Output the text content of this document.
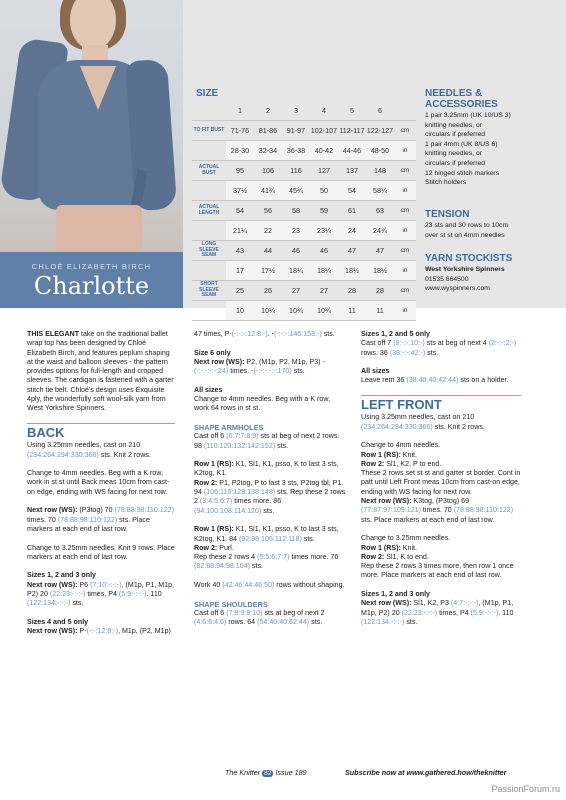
CHLOÉ ELIZABETH BIRCH
Charlotte
SIZE
	1	2	3	4	5	6	
TO FIT BUST	71-76	81-86	91-97	102-107	112-117	122-127	cm
	28-30	32-34	36-38	40-42	44-46	48-50	in
ACTUAL BUST	95	106	116	127	137	148	cm
	37½	41¾	45¾	50	54	58¼	in
ACTUAL LENGTH	54	56	58	59	61	63	cm
	21¼	22	23	23¼	24	24¾	in
LONG SLEEVE SEAM	43	44	46	46	47	47	cm
	17	17½	18¼	18¼	18½	18½	in
SHORT SLEEVE SEAM	25	26	27	27	28	28	cm
	10	10¼	10¾	10¾	11	11	in
NEEDLES &
ACCESSORIES
1 pair 3.25mm (UK 10/US 3)
knitting needles, or
circulars if preferred
1 pair 4mm (UK 8/US 6)
knitting needles, or
circulars if preferred
12 hinged stitch markers
Stitch holders
TENSION
23 sts and 30 rows to 10cm
over st st on 4mm needles
YARN STOCKISTS
West Yorkshire Spinners
01535 664500
www.wyspinners.com

THIS ELEGANT take on the traditional ballet wrap top has been designed by Chloé Elizabeth Birch, and features peplum shaping at the waist and balloon sleeves - the pattern provides options for full-length and cropped sleeves. The cardigan is fastened with a garter stitch tie belt. Chloé's design uses Exquisite 4ply, the wonderfully soft wool-silk yarn from West Yorkshire Spinners.

BACK

Using 3.25mm needles, cast on 210 (234:264:294:330:366) sts. Knit 2 rows.

Change to 4mm needles. Beg with a K row, work in st st until Back meas 10cm from cast-on edge, ending with WS facing for next row.

Next row (WS): (P3tog) 70 (78:88:98:110:122) times. 70 (78:88:98:110:122) sts. Place markers at each end of last row.

Change to 3.25mm needles. Knit 9 rows. Place markers at each end of last row.

Sizes 1, 2 and 3 only
Next row (WS): P6 (7:10:-:-:-), (M1p, P1, M1p, P2) 20 (22:23:-:-:-) times, P4 (5:9:-:-:-). 110 (122:134:-:-:-) sts.

Sizes 4 and 5 only
Next row (WS): P-(-:-:12:8:-), M1p, (P2, M1p)

47 times, P-(-:-:-:12:8:-). -(-:-:-:146:158:-) sts.

Size 6 only
Next row (WS): P2, (M1p, P2, M1p, P3) -(-:-:-:-:-:24) times. -(-:-:-:-:-:170) sts.

All sizes
Change to 4mm needles. Beg with a K row, work 64 rows in st st.

SHAPE ARMHOLES

Cast off 6 (6:7:7:8:9) sts at beg of next 2 rows. 98 (110:120:132:142:152) sts.

Row 1 (RS): K1, Sl1, K1, psso, K to last 3 sts, K2tog, K1.
Row 2: P1, P2tog, P to last 3 sts, P2tog tbl, P1.
94 (106:116:128:138:148) sts. Rep these 2 rows 2 (3:4:5:6:7) times more. 86 (94:100:108:114:120) sts.

Row 1 (RS): K1, Sl1, K1, psso, K to last 3 sts, K2tog, K1. 84 (92:98:106:112:118) sts.
Row 2: Purl.
Rep these 2 rows 4 (5:5:6:7:7) times more. 76 (82:88:94:98:104) sts.

Work 40 (42:46:44:46:50) rows without shaping.

SHAPE SHOULDERS

Cast off 6 (7:8:9:9:10) sts at beg of next 2 (4:6:6:4:6) rows. 64 (54:40:40:62:44) sts.

Sizes 1, 2 and 5 only
Cast off 7 (8:-:-:10:-) sts at beg of next 4 (2:-:-:2:-) rows. 36 (38:-:-:42:-) sts.

All sizes
Leave rem 36 (38:40:40:42:44) sts on a holder.

LEFT FRONT

Using 3.25mm needles, cast on 210 (234:264:294:330:366) sts. Knit 2 rows.

Change to 4mm needles.
Row 1 (RS): Knit.
Row 2: Sl1, K2, P to end.
These 2 rows set st st and garter st border. Cont in patt until Left Front meas 10cm from cast-on edge, ending with WS facing for next row.
Next row (WS): K3tog, (P3tog) 69 (77:87:97:109:121) times. 70 (78:88:98:110:122) sts. Place markers at each end of last row.

Change to 3.25mm needles.
Row 1 (RS): Knit.
Row 2: Sl1, K to end.
Rep these 2 rows 3 times more, then row 1 once more. Place markers at each end of last row.

Sizes 1, 2 and 3 only
Next row (WS): Sl1, K2, P3 (4:7:-:-:-), (M1p, P1, M1p, P2) 20 (22:23:-:-:-) times, P4 (5:9:-:-:-). 110 (122:134:-:-:-) sts.

The Knitter 82 Issue 189	Subscribe now at www.gathered.how/theknitter
PassionForum.ru
